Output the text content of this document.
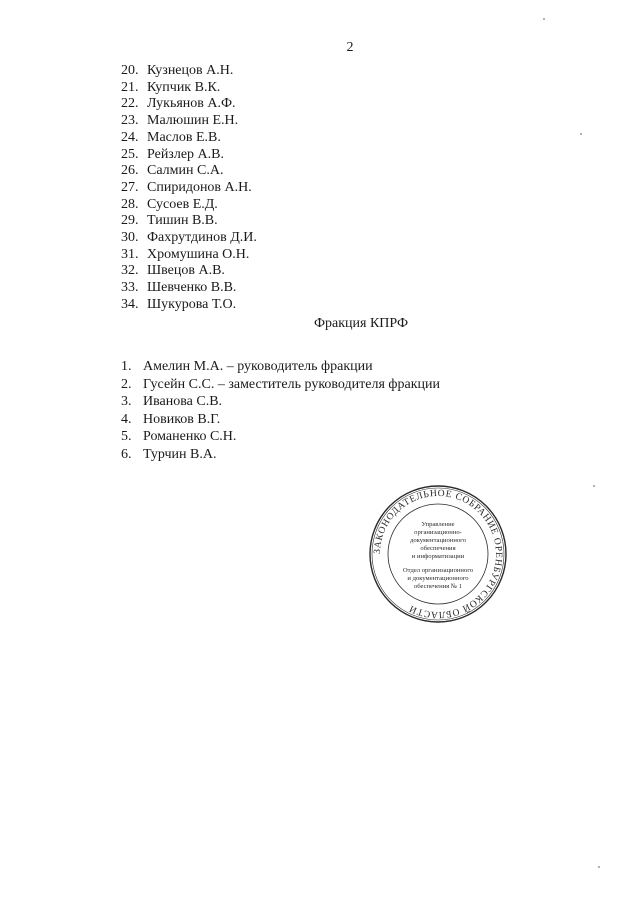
2
20. Кузнецов А.Н.
21. Купчик В.К.
22. Лукьянов А.Ф.
23. Малюшин Е.Н.
24. Маслов Е.В.
25. Рейзлер А.В.
26. Салмин С.А.
27. Спиридонов А.Н.
28. Сусоев Е.Д.
29. Тишин В.В.
30. Фахрутдинов Д.И.
31. Хромушина О.Н.
32. Швецов А.В.
33. Шевченко В.В.
34. Шукурова Т.О.
Фракция КПРФ
1. Амелин М.А. – руководитель фракции
2. Гусейн С.С. – заместитель руководителя фракции
3. Иванова С.В.
4. Новиков В.Г.
5. Романенко С.Н.
6. Турчин В.А.
ЗАКОНОДАТЕЛЬНОЕ СОБРАНИЕ ОРЕНБУРГСКОЙ ОБЛАСТИ
Управление
организационно-
документационного
обеспечения
и информатизации
Отдел организационного
и документационного
обеспечения № 1
